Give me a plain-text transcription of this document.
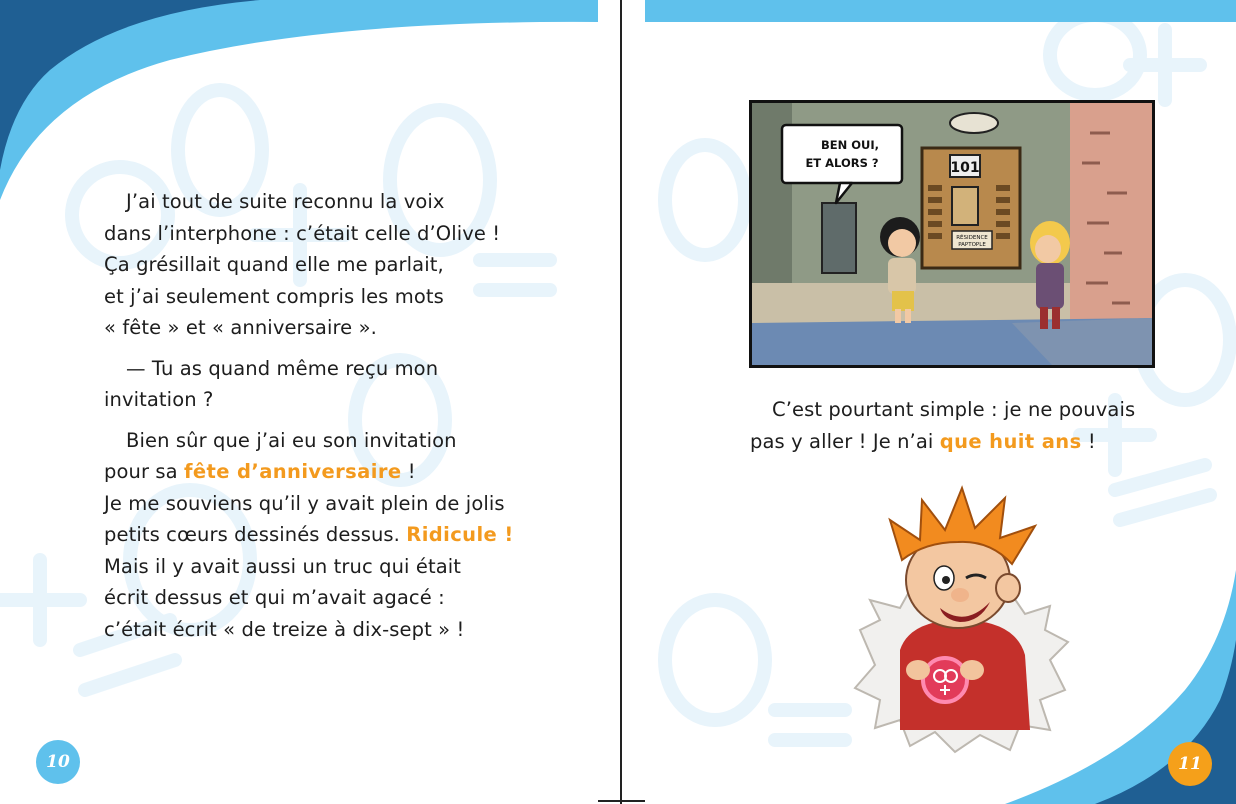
J’ai tout de suite reconnu la voix
dans l’interphone : c’était celle d’Olive !
Ça grésillait quand elle me parlait,
et j’ai seulement compris les mots
« fête » et « anniversaire ».

— Tu as quand même reçu mon
invitation ?

Bien sûr que j’ai eu son invitation
pour sa fête d’anniversaire !
Je me souviens qu’il y avait plein de jolis
petits cœurs dessinés dessus. Ridicule !
Mais il y avait aussi un truc qui était
écrit dessus et qui m’avait agacé :
c’était écrit « de treize à dix-sept » !

10
101
RÉSIDENCE
PAPTOPLE
BEN OUI,
ET ALORS ?

C’est pourtant simple : je ne pouvais
pas y aller ! Je n’ai que huit ans !

11
